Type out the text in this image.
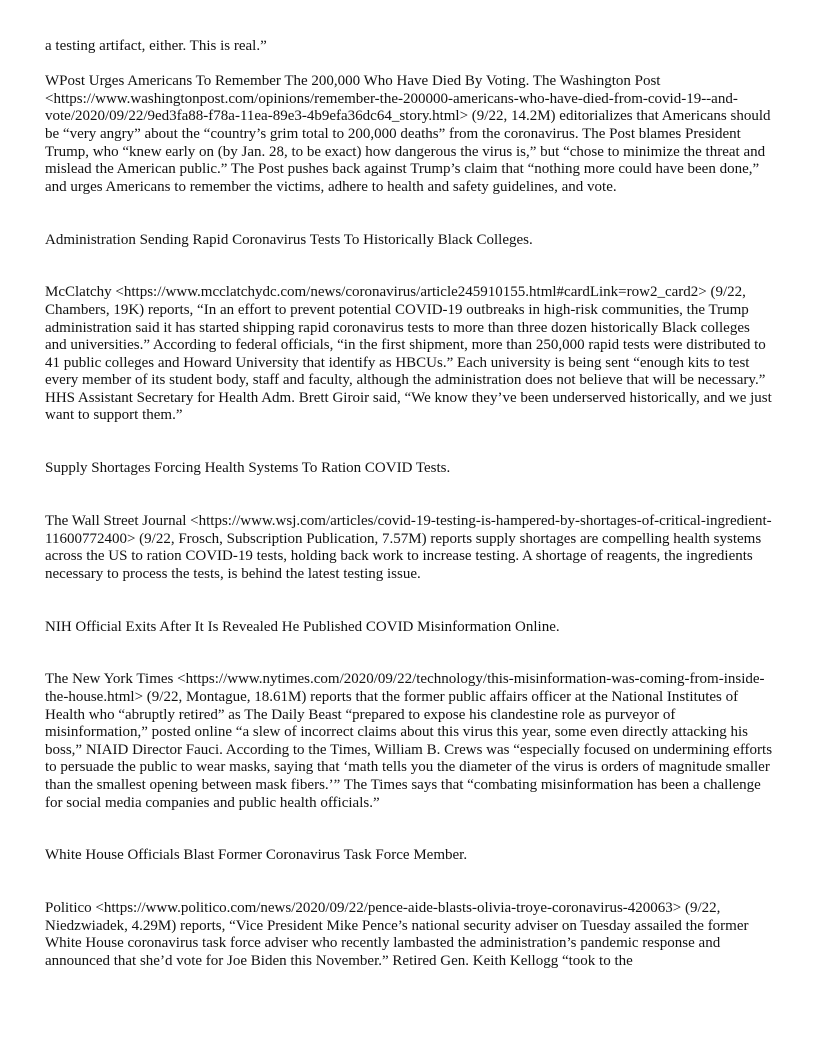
a testing artifact, either. This is real.”

WPost Urges Americans To Remember The 200,000 Who Have Died By Voting. The Washington Post <https://www.washingtonpost.com/opinions/remember-the-200000-americans-who-have-died-from-covid-19--and-vote/2020/09/22/9ed3fa88-f78a-11ea-89e3-4b9efa36dc64_story.html> (9/22, 14.2M) editorializes that Americans should be “very angry” about the “country’s grim total to 200,000 deaths” from the coronavirus. The Post blames President Trump, who “knew early on (by Jan. 28, to be exact) how dangerous the virus is,” but “chose to minimize the threat and mislead the American public.” The Post pushes back against Trump’s claim that “nothing more could have been done,” and urges Americans to remember the victims, adhere to health and safety guidelines, and vote.

Administration Sending Rapid Coronavirus Tests To Historically Black Colleges.

McClatchy <https://www.mcclatchydc.com/news/coronavirus/article245910155.html#cardLink=row2_card2> (9/22, Chambers, 19K) reports, “In an effort to prevent potential COVID-19 outbreaks in high-risk communities, the Trump administration said it has started shipping rapid coronavirus tests to more than three dozen historically Black colleges and universities.” According to federal officials, “in the first shipment, more than 250,000 rapid tests were distributed to 41 public colleges and Howard University that identify as HBCUs.” Each university is being sent “enough kits to test every member of its student body, staff and faculty, although the administration does not believe that will be necessary.” HHS Assistant Secretary for Health Adm. Brett Giroir said, “We know they’ve been underserved historically, and we just want to support them.”

Supply Shortages Forcing Health Systems To Ration COVID Tests.

The Wall Street Journal <https://www.wsj.com/articles/covid-19-testing-is-hampered-by-shortages-of-critical-ingredient-11600772400> (9/22, Frosch, Subscription Publication, 7.57M) reports supply shortages are compelling health systems across the US to ration COVID-19 tests, holding back work to increase testing. A shortage of reagents, the ingredients necessary to process the tests, is behind the latest testing issue.

NIH Official Exits After It Is Revealed He Published COVID Misinformation Online.

The New York Times <https://www.nytimes.com/2020/09/22/technology/this-misinformation-was-coming-from-inside-the-house.html> (9/22, Montague, 18.61M) reports that the former public affairs officer at the National Institutes of Health who “abruptly retired” as The Daily Beast “prepared to expose his clandestine role as purveyor of misinformation,” posted online “a slew of incorrect claims about this virus this year, some even directly attacking his boss,” NIAID Director Fauci. According to the Times, William B. Crews was “especially focused on undermining efforts to persuade the public to wear masks, saying that ‘math tells you the diameter of the virus is orders of magnitude smaller than the smallest opening between mask fibers.’” The Times says that “combating misinformation has been a challenge for social media companies and public health officials.”

White House Officials Blast Former Coronavirus Task Force Member.

Politico <https://www.politico.com/news/2020/09/22/pence-aide-blasts-olivia-troye-coronavirus-420063> (9/22, Niedzwiadek, 4.29M) reports, “Vice President Mike Pence’s national security adviser on Tuesday assailed the former White House coronavirus task force adviser who recently lambasted the administration’s pandemic response and announced that she’d vote for Joe Biden this November.” Retired Gen. Keith Kellogg “took to the
